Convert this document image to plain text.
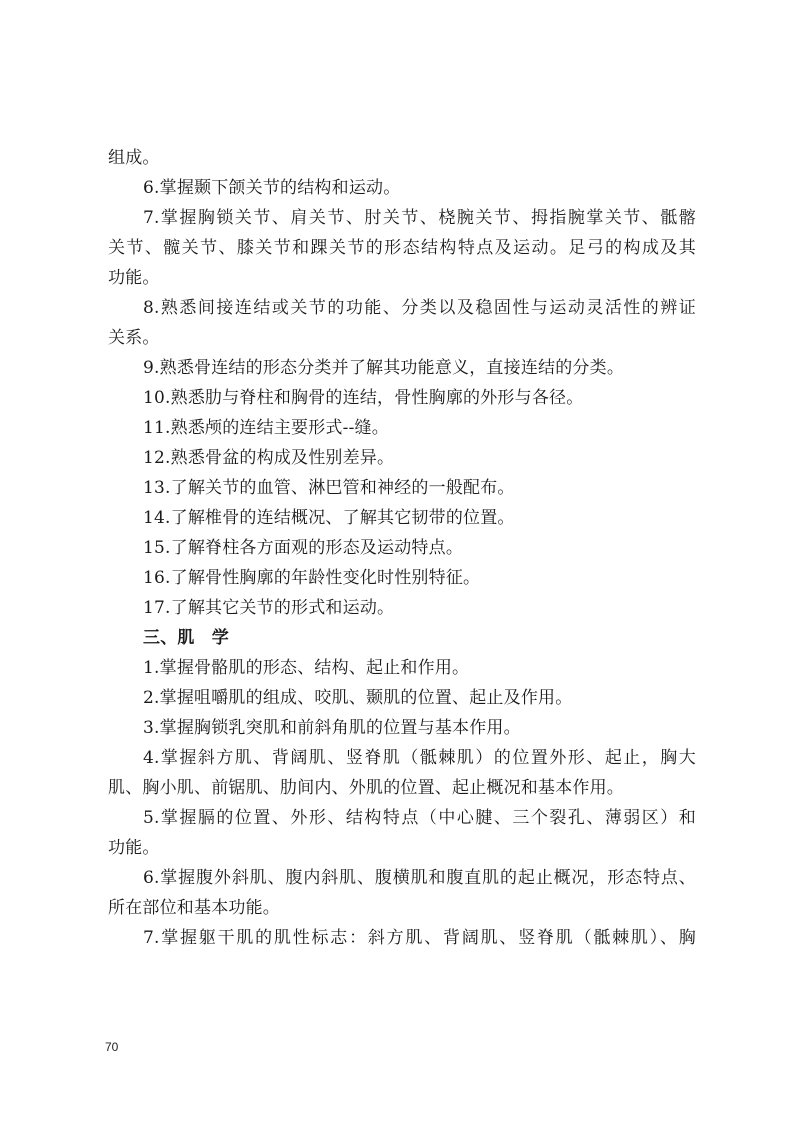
组成。
6.掌握颞下颌关节的结构和运动。
7.掌握胸锁关节、肩关节、肘关节、桡腕关节、拇指腕掌关节、骶髂
关节、髋关节、膝关节和踝关节的形态结构特点及运动。足弓的构成及其
功能。
8.熟悉间接连结或关节的功能、分类以及稳固性与运动灵活性的辨证
关系。
9.熟悉骨连结的形态分类并了解其功能意义，直接连结的分类。
10.熟悉肋与脊柱和胸骨的连结，骨性胸廓的外形与各径。
11.熟悉颅的连结主要形式--缝。
12.熟悉骨盆的构成及性别差异。
13.了解关节的血管、淋巴管和神经的一般配布。
14.了解椎骨的连结概况、了解其它韧带的位置。
15.了解脊柱各方面观的形态及运动特点。
16.了解骨性胸廓的年龄性变化时性别特征。
17.了解其它关节的形式和运动。
三、肌　学
1.掌握骨骼肌的形态、结构、起止和作用。
2.掌握咀嚼肌的组成、咬肌、颞肌的位置、起止及作用。
3.掌握胸锁乳突肌和前斜角肌的位置与基本作用。
4.掌握斜方肌、背阔肌、竖脊肌（骶棘肌）的位置外形、起止，胸大
肌、胸小肌、前锯肌、肋间内、外肌的位置、起止概况和基本作用。
5.掌握膈的位置、外形、结构特点（中心腱、三个裂孔、薄弱区）和
功能。
6.掌握腹外斜肌、腹内斜肌、腹横肌和腹直肌的起止概况，形态特点、
所在部位和基本功能。
7.掌握躯干肌的肌性标志：斜方肌、背阔肌、竖脊肌（骶棘肌）、胸
70
